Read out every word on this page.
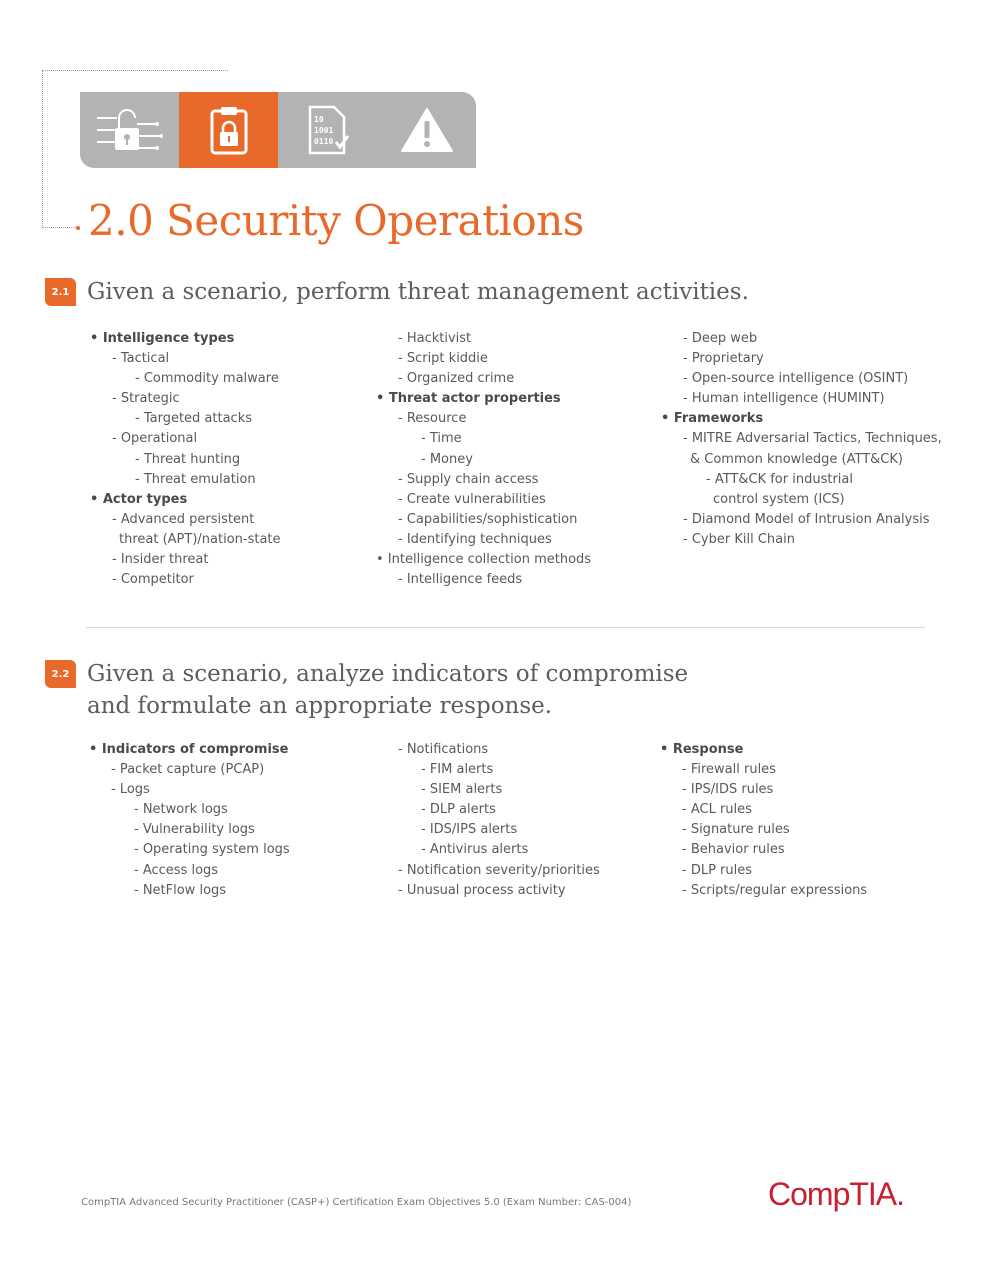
10
1001
0110
2.0 Security Operations
2.1 Given a scenario, perform threat management activities.
• Intelligence types
- Tactical
- Commodity malware
- Strategic
- Targeted attacks
- Operational
- Threat hunting
- Threat emulation
• Actor types
- Advanced persistent
threat (APT)/nation-state
- Insider threat
- Competitor
- Hacktivist
- Script kiddie
- Organized crime
• Threat actor properties
- Resource
- Time
- Money
- Supply chain access
- Create vulnerabilities
- Capabilities/sophistication
- Identifying techniques
• Intelligence collection methods
- Intelligence feeds
- Deep web
- Proprietary
- Open-source intelligence (OSINT)
- Human intelligence (HUMINT)
• Frameworks
- MITRE Adversarial Tactics, Techniques,
& Common knowledge (ATT&CK)
- ATT&CK for industrial
control system (ICS)
- Diamond Model of Intrusion Analysis
- Cyber Kill Chain
2.2 Given a scenario, analyze indicators of compromise
and formulate an appropriate response.
• Indicators of compromise
- Packet capture (PCAP)
- Logs
- Network logs
- Vulnerability logs
- Operating system logs
- Access logs
- NetFlow logs
- Notifications
- FIM alerts
- SIEM alerts
- DLP alerts
- IDS/IPS alerts
- Antivirus alerts
- Notification severity/priorities
- Unusual process activity
• Response
- Firewall rules
- IPS/IDS rules
- ACL rules
- Signature rules
- Behavior rules
- DLP rules
- Scripts/regular expressions
CompTIA Advanced Security Practitioner (CASP+) Certification Exam Objectives 5.0 (Exam Number: CAS-004)	CompTIA.
